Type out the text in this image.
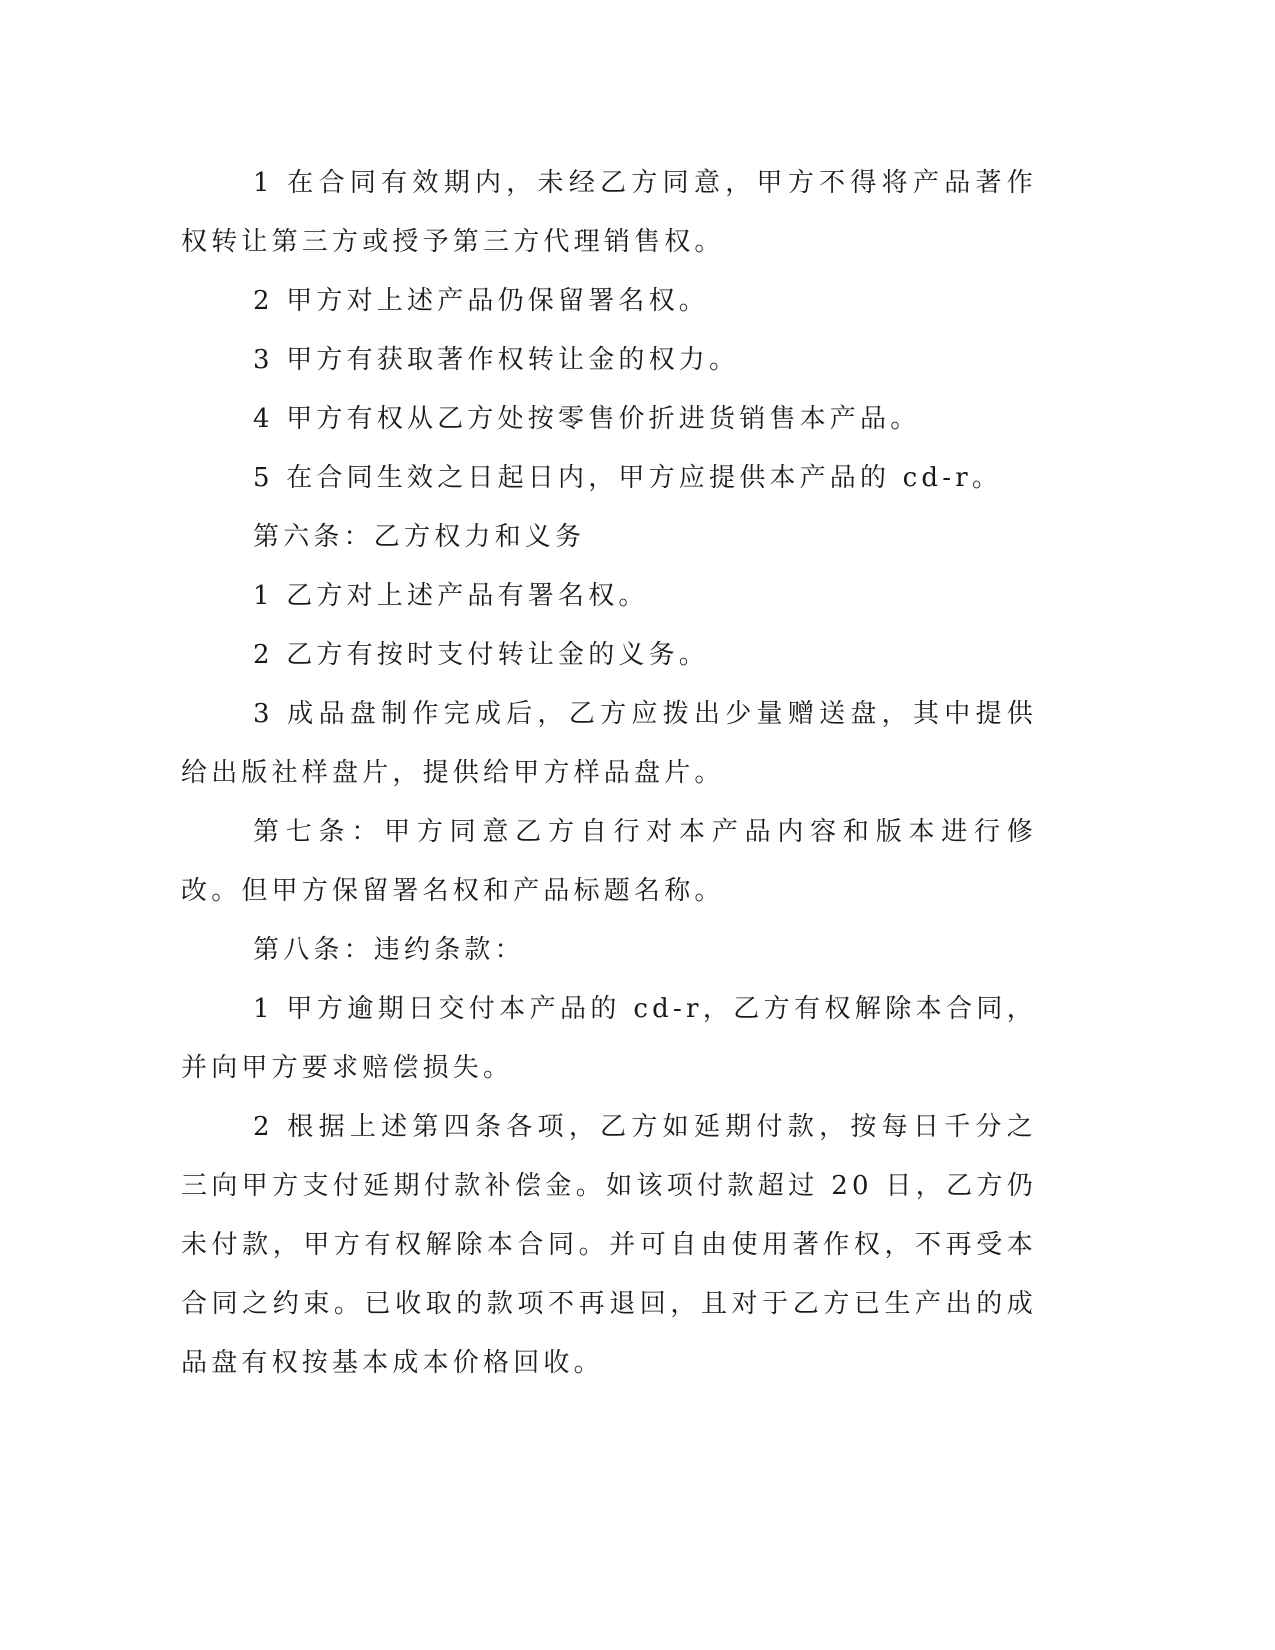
1 在合同有效期内，未经乙方同意，甲方不得将产品著作权转让第三方或授予第三方代理销售权。

2 甲方对上述产品仍保留署名权。

3 甲方有获取著作权转让金的权力。

4 甲方有权从乙方处按零售价折进货销售本产品。

5 在合同生效之日起日内，甲方应提供本产品的 cd-r。

第六条：乙方权力和义务

1 乙方对上述产品有署名权。

2 乙方有按时支付转让金的义务。

3 成品盘制作完成后，乙方应拨出少量赠送盘，其中提供给出版社样盘片，提供给甲方样品盘片。

第七条：甲方同意乙方自行对本产品内容和版本进行修改。但甲方保留署名权和产品标题名称。

第八条：违约条款：

1 甲方逾期日交付本产品的 cd-r，乙方有权解除本合同，并向甲方要求赔偿损失。

2 根据上述第四条各项，乙方如延期付款，按每日千分之三向甲方支付延期付款补偿金。如该项付款超过 20 日，乙方仍未付款，甲方有权解除本合同。并可自由使用著作权，不再受本合同之约束。已收取的款项不再退回，且对于乙方已生产出的成品盘有权按基本成本价格回收。
